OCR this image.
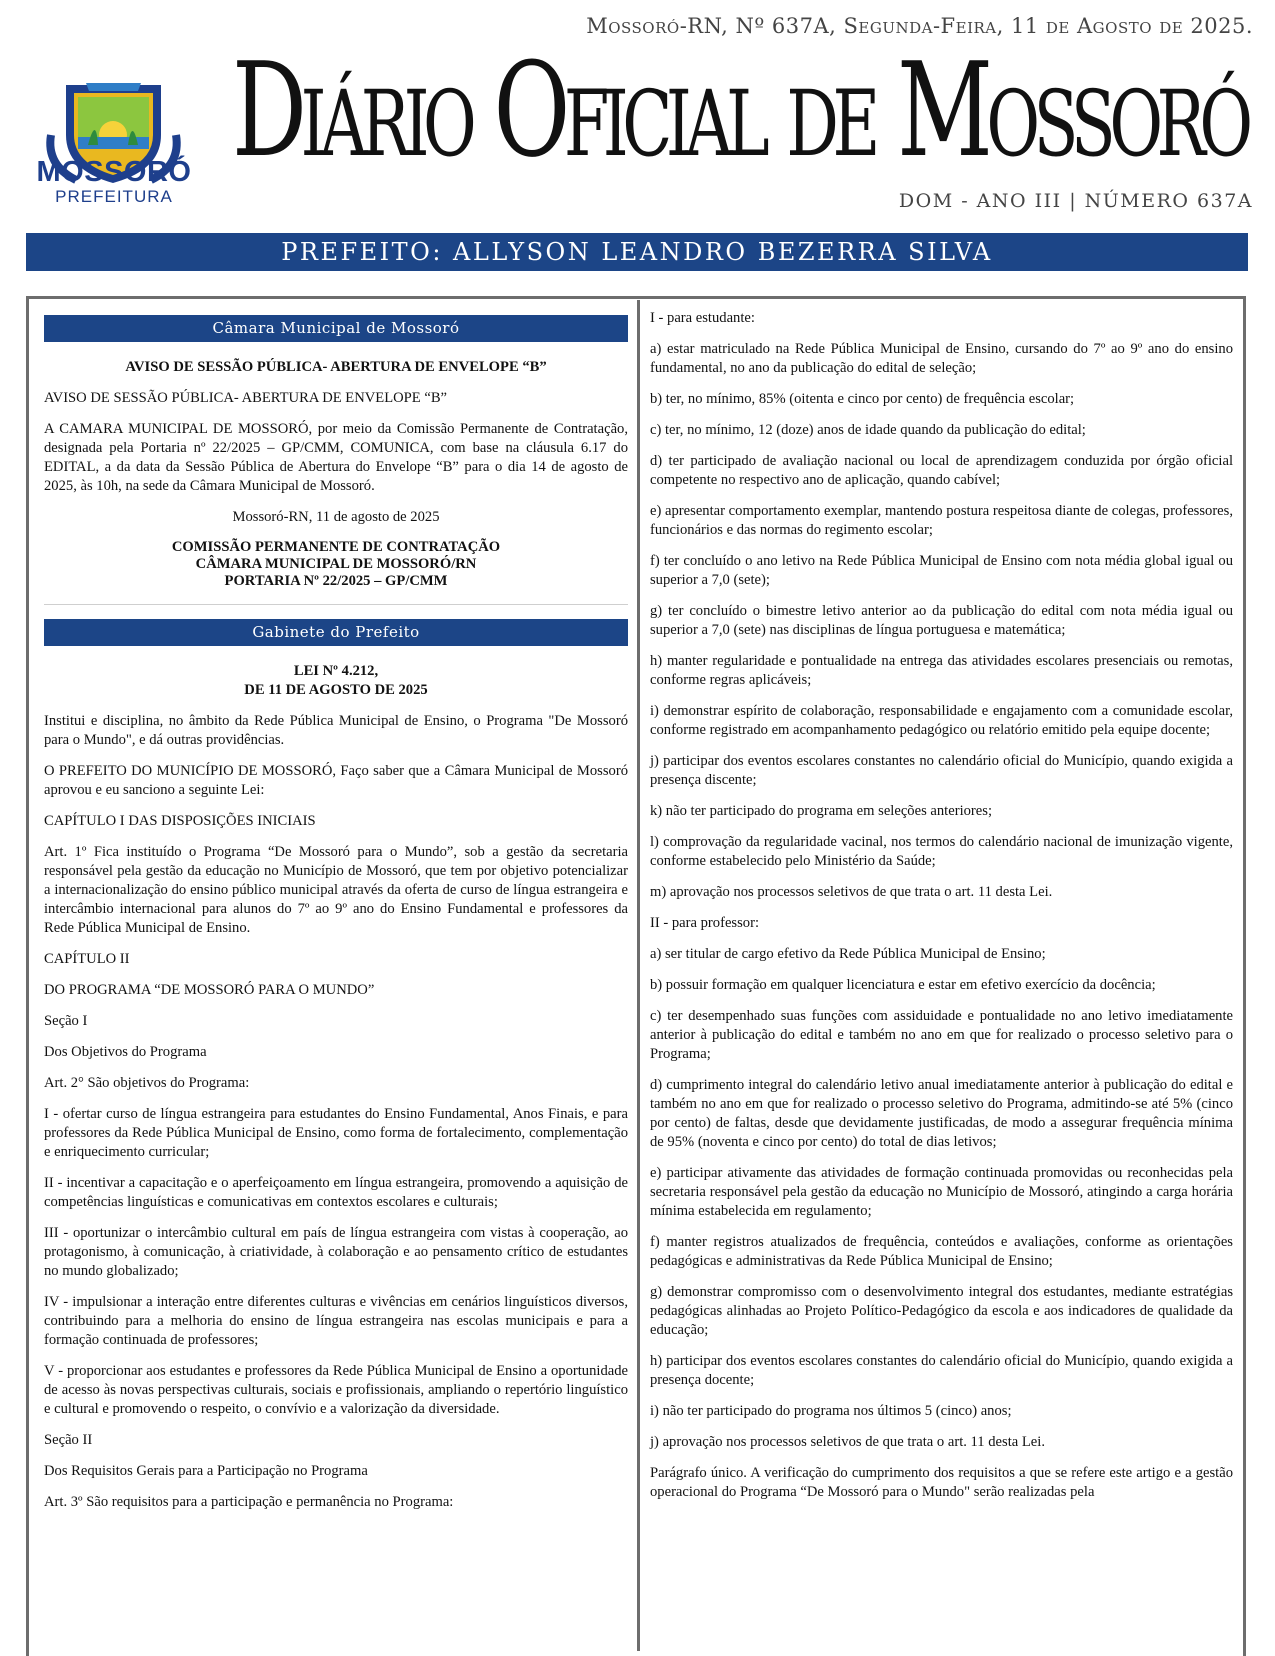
Mossoró-RN, Nº 637A, Segunda-Feira, 11 de Agosto de 2025.
MOSSORÓ
PREFEITURA
Diário Oficial de Mossoró
DOM - ANO III | NÚMERO 637A
PREFEITO: ALLYSON LEANDRO BEZERRA SILVA
Câmara Municipal de Mossoró

AVISO DE SESSÃO PÚBLICA- ABERTURA DE ENVELOPE “B”

AVISO DE SESSÃO PÚBLICA- ABERTURA DE ENVELOPE “B”

A CAMARA MUNICIPAL DE MOSSORÓ, por meio da Comissão Permanente de Contratação, designada pela Portaria nº 22/2025 – GP/CMM, COMUNICA, com base na cláusula 6.17 do EDITAL, a da data da Sessão Pública de Abertura do Envelope “B” para o dia 14 de agosto de 2025, às 10h, na sede da Câmara Municipal de Mossoró.

Mossoró-RN, 11 de agosto de 2025

COMISSÃO PERMANENTE DE CONTRATAÇÃO
CÂMARA MUNICIPAL DE MOSSORÓ/RN
PORTARIA Nº 22/2025 – GP/CMM

Gabinete do Prefeito

LEI Nº 4.212,
DE 11 DE AGOSTO DE 2025

Institui e disciplina, no âmbito da Rede Pública Municipal de Ensino, o Programa "De Mossoró para o Mundo", e dá outras providências.

O PREFEITO DO MUNICÍPIO DE MOSSORÓ, Faço saber que a Câmara Municipal de Mossoró aprovou e eu sanciono a seguinte Lei:

CAPÍTULO I DAS DISPOSIÇÕES INICIAIS

Art. 1º Fica instituído o Programa “De Mossoró para o Mundo”, sob a gestão da secretaria responsável pela gestão da educação no Município de Mossoró, que tem por objetivo potencializar a internacionalização do ensino público municipal através da oferta de curso de língua estrangeira e intercâmbio internacional para alunos do 7º ao 9º ano do Ensino Fundamental e professores da Rede Pública Municipal de Ensino.

CAPÍTULO II

DO PROGRAMA “DE MOSSORÓ PARA O MUNDO”

Seção I

Dos Objetivos do Programa

Art. 2° São objetivos do Programa:

I - ofertar curso de língua estrangeira para estudantes do Ensino Fundamental, Anos Finais, e para professores da Rede Pública Municipal de Ensino, como forma de fortalecimento, complementação e enriquecimento curricular;

II - incentivar a capacitação e o aperfeiçoamento em língua estrangeira, promovendo a aquisição de competências linguísticas e comunicativas em contextos escolares e culturais;

III - oportunizar o intercâmbio cultural em país de língua estrangeira com vistas à cooperação, ao protagonismo, à comunicação, à criatividade, à colaboração e ao pensamento crítico de estudantes no mundo globalizado;

IV - impulsionar a interação entre diferentes culturas e vivências em cenários linguísticos diversos, contribuindo para a melhoria do ensino de língua estrangeira nas escolas municipais e para a formação continuada de professores;

V - proporcionar aos estudantes e professores da Rede Pública Municipal de Ensino a oportunidade de acesso às novas perspectivas culturais, sociais e profissionais, ampliando o repertório linguístico e cultural e promovendo o respeito, o convívio e a valorização da diversidade.

Seção II

Dos Requisitos Gerais para a Participação no Programa

Art. 3º São requisitos para a participação e permanência no Programa:

I - para estudante:

a) estar matriculado na Rede Pública Municipal de Ensino, cursando do 7º ao 9º ano do ensino fundamental, no ano da publicação do edital de seleção;

b) ter, no mínimo, 85% (oitenta e cinco por cento) de frequência escolar;

c) ter, no mínimo, 12 (doze) anos de idade quando da publicação do edital;

d) ter participado de avaliação nacional ou local de aprendizagem conduzida por órgão oficial competente no respectivo ano de aplicação, quando cabível;

e) apresentar comportamento exemplar, mantendo postura respeitosa diante de colegas, professores, funcionários e das normas do regimento escolar;

f) ter concluído o ano letivo na Rede Pública Municipal de Ensino com nota média global igual ou superior a 7,0 (sete);

g) ter concluído o bimestre letivo anterior ao da publicação do edital com nota média igual ou superior a 7,0 (sete) nas disciplinas de língua portuguesa e matemática;

h) manter regularidade e pontualidade na entrega das atividades escolares presenciais ou remotas, conforme regras aplicáveis;

i) demonstrar espírito de colaboração, responsabilidade e engajamento com a comunidade escolar, conforme registrado em acompanhamento pedagógico ou relatório emitido pela equipe docente;

j) participar dos eventos escolares constantes no calendário oficial do Município, quando exigida a presença discente;

k) não ter participado do programa em seleções anteriores;

l) comprovação da regularidade vacinal, nos termos do calendário nacional de imunização vigente, conforme estabelecido pelo Ministério da Saúde;

m) aprovação nos processos seletivos de que trata o art. 11 desta Lei.

II - para professor:

a) ser titular de cargo efetivo da Rede Pública Municipal de Ensino;

b) possuir formação em qualquer licenciatura e estar em efetivo exercício da docência;

c) ter desempenhado suas funções com assiduidade e pontualidade no ano letivo imediatamente anterior à publicação do edital e também no ano em que for realizado o processo seletivo para o Programa;

d) cumprimento integral do calendário letivo anual imediatamente anterior à publicação do edital e também no ano em que for realizado o processo seletivo do Programa, admitindo-se até 5% (cinco por cento) de faltas, desde que devidamente justificadas, de modo a assegurar frequência mínima de 95% (noventa e cinco por cento) do total de dias letivos;

e) participar ativamente das atividades de formação continuada promovidas ou reconhecidas pela secretaria responsável pela gestão da educação no Município de Mossoró, atingindo a carga horária mínima estabelecida em regulamento;

f) manter registros atualizados de frequência, conteúdos e avaliações, conforme as orientações pedagógicas e administrativas da Rede Pública Municipal de Ensino;

g) demonstrar compromisso com o desenvolvimento integral dos estudantes, mediante estratégias pedagógicas alinhadas ao Projeto Político-Pedagógico da escola e aos indicadores de qualidade da educação;

h) participar dos eventos escolares constantes do calendário oficial do Município, quando exigida a presença docente;

i) não ter participado do programa nos últimos 5 (cinco) anos;

j) aprovação nos processos seletivos de que trata o art. 11 desta Lei.

Parágrafo único. A verificação do cumprimento dos requisitos a que se refere este artigo e a gestão operacional do Programa “De Mossoró para o Mundo" serão realizadas pela
